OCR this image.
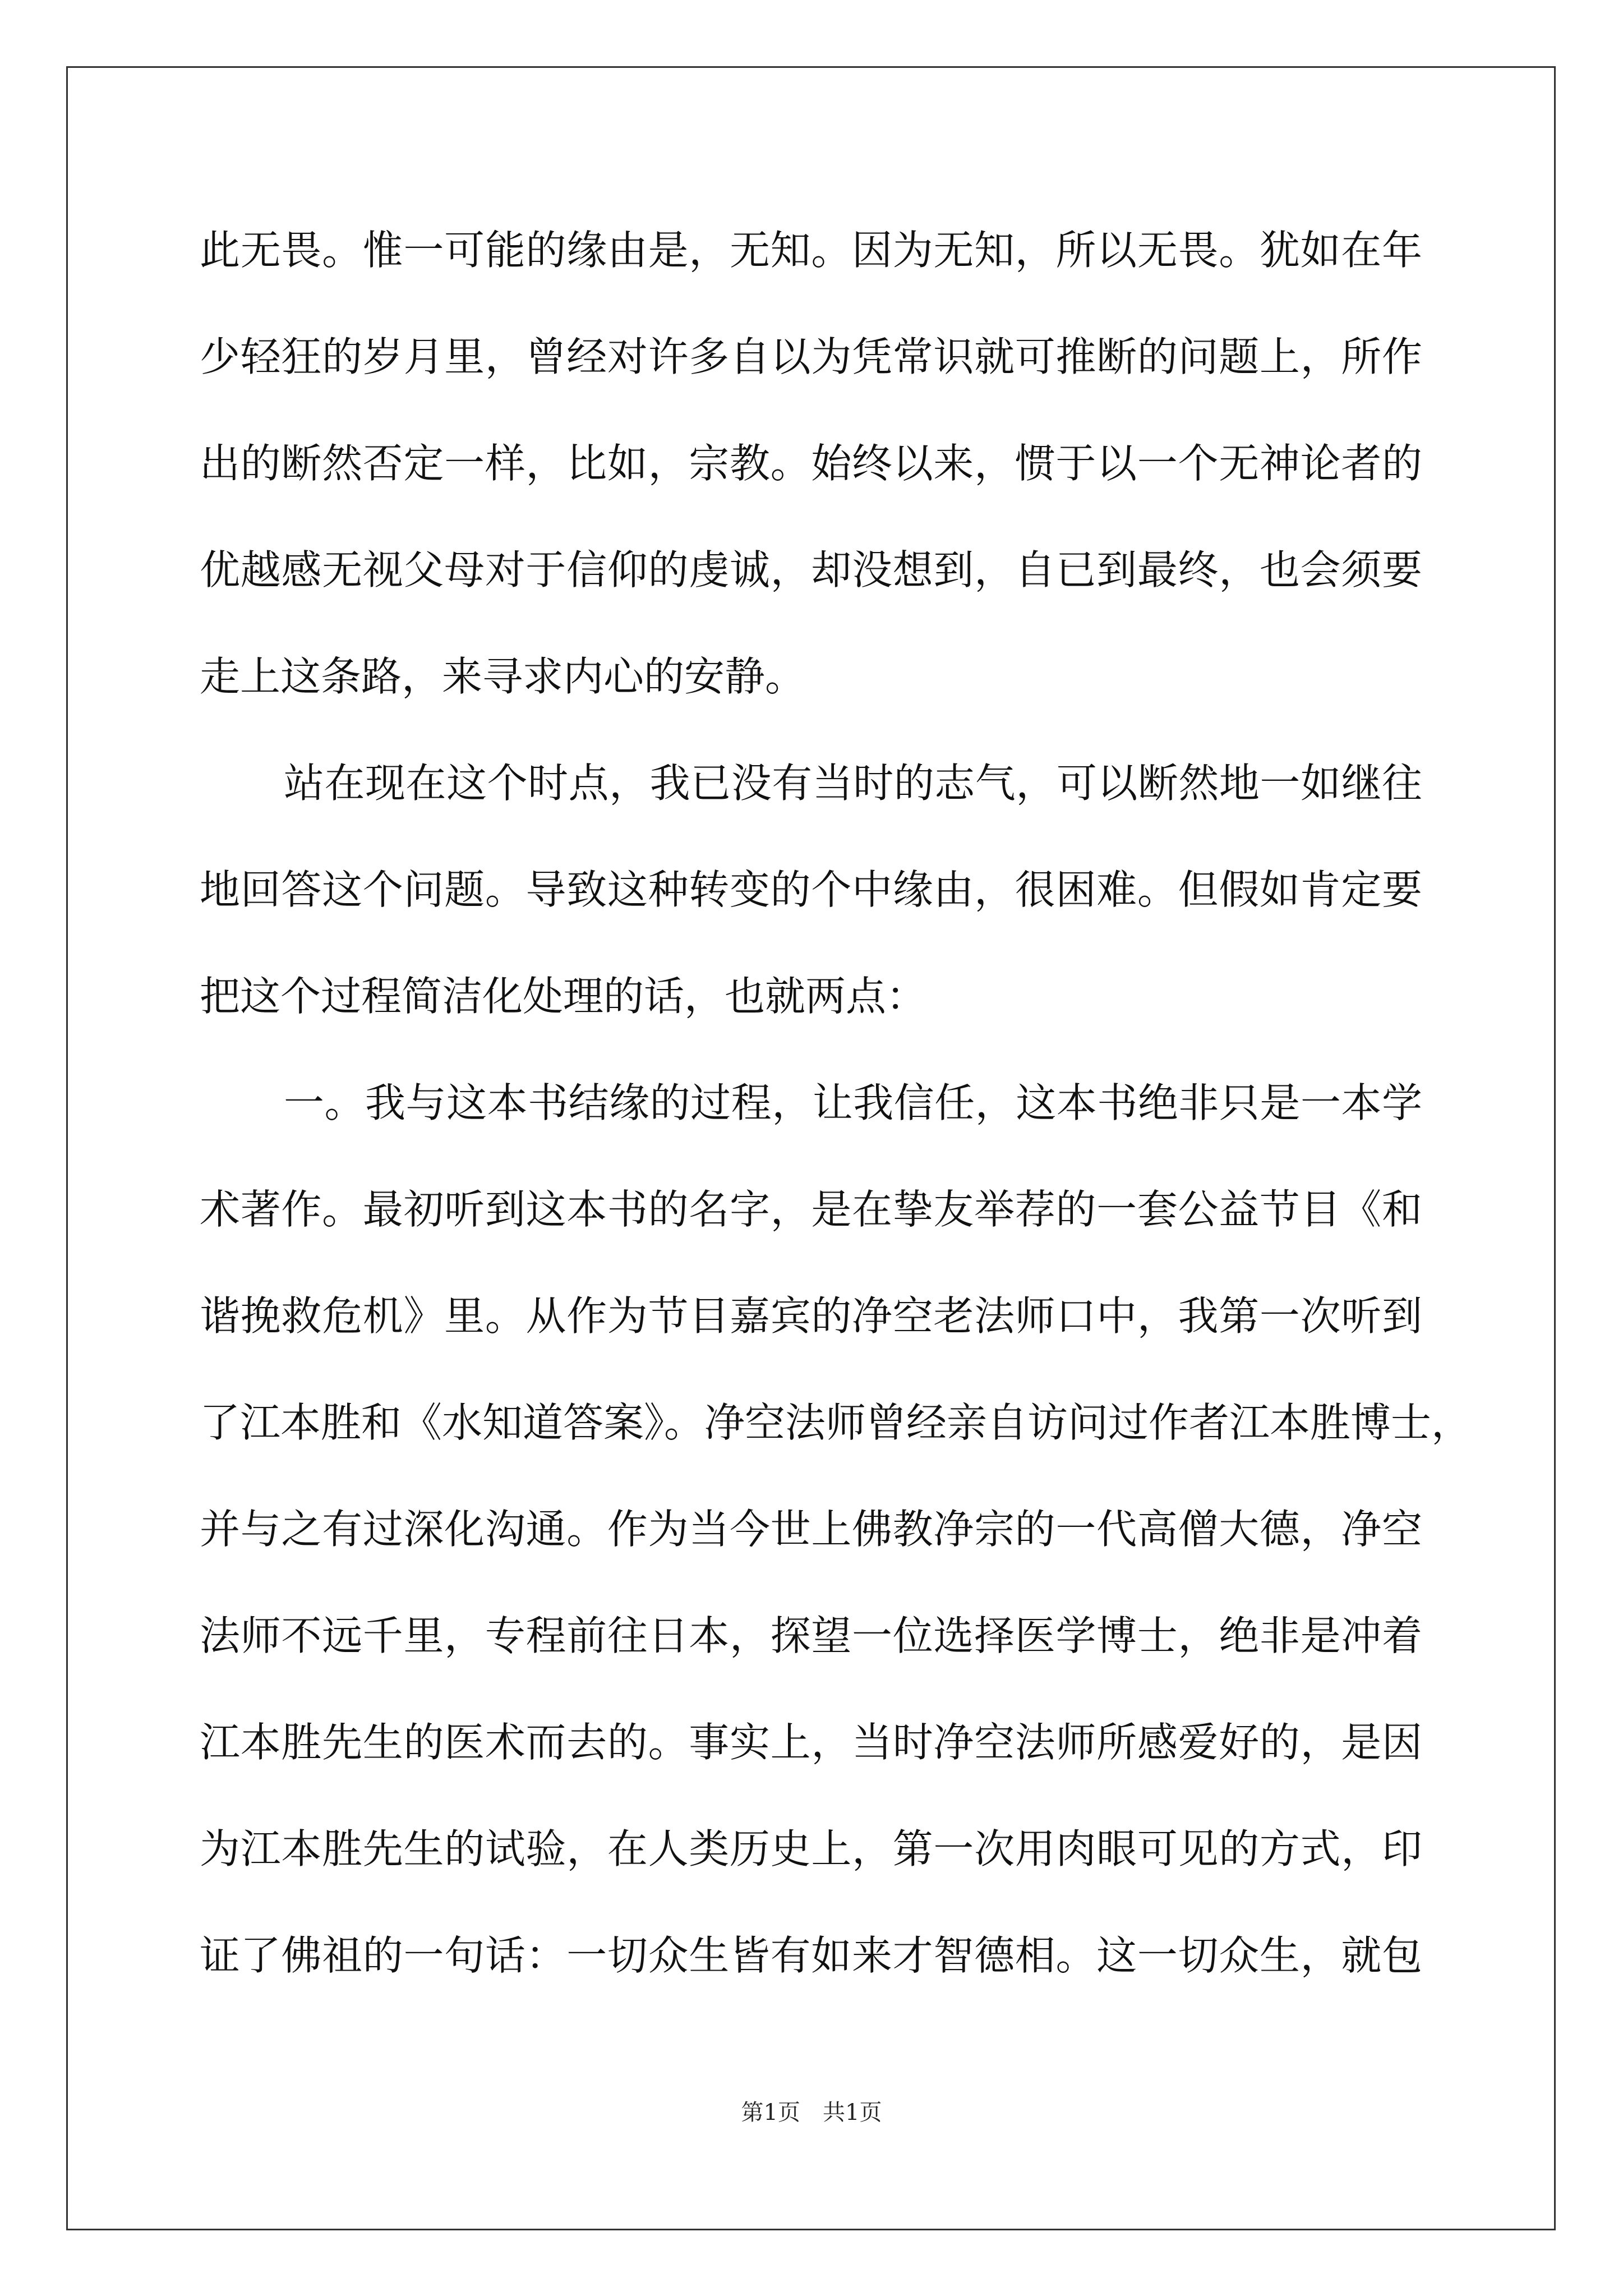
此无畏。惟一可能的缘由是，无知。因为无知，所以无畏。犹如在年
少轻狂的岁月里，曾经对许多自以为凭常识就可推断的问题上，所作
出的断然否定一样，比如，宗教。始终以来，惯于以一个无神论者的
优越感无视父母对于信仰的虔诚，却没想到，自已到最终，也会须要
走上这条路，来寻求内心的安静。
站在现在这个时点，我已没有当时的志气，可以断然地一如继往
地回答这个问题。导致这种转变的个中缘由，很困难。但假如肯定要
把这个过程简洁化处理的话，也就两点：
一。我与这本书结缘的过程，让我信任，这本书绝非只是一本学
术著作。最初听到这本书的名字，是在挚友举荐的一套公益节目《和
谐挽救危机》里。从作为节目嘉宾的净空老法师口中，我第一次听到
了江本胜和《水知道答案》。净空法师曾经亲自访问过作者江本胜博士，
并与之有过深化沟通。作为当今世上佛教净宗的一代高僧大德，净空
法师不远千里，专程前往日本，探望一位选择医学博士，绝非是冲着
江本胜先生的医术而去的。事实上，当时净空法师所感爱好的，是因
为江本胜先生的试验，在人类历史上，第一次用肉眼可见的方式，印
证了佛祖的一句话：一切众生皆有如来才智德相。这一切众生，就包
第1页　共1页
